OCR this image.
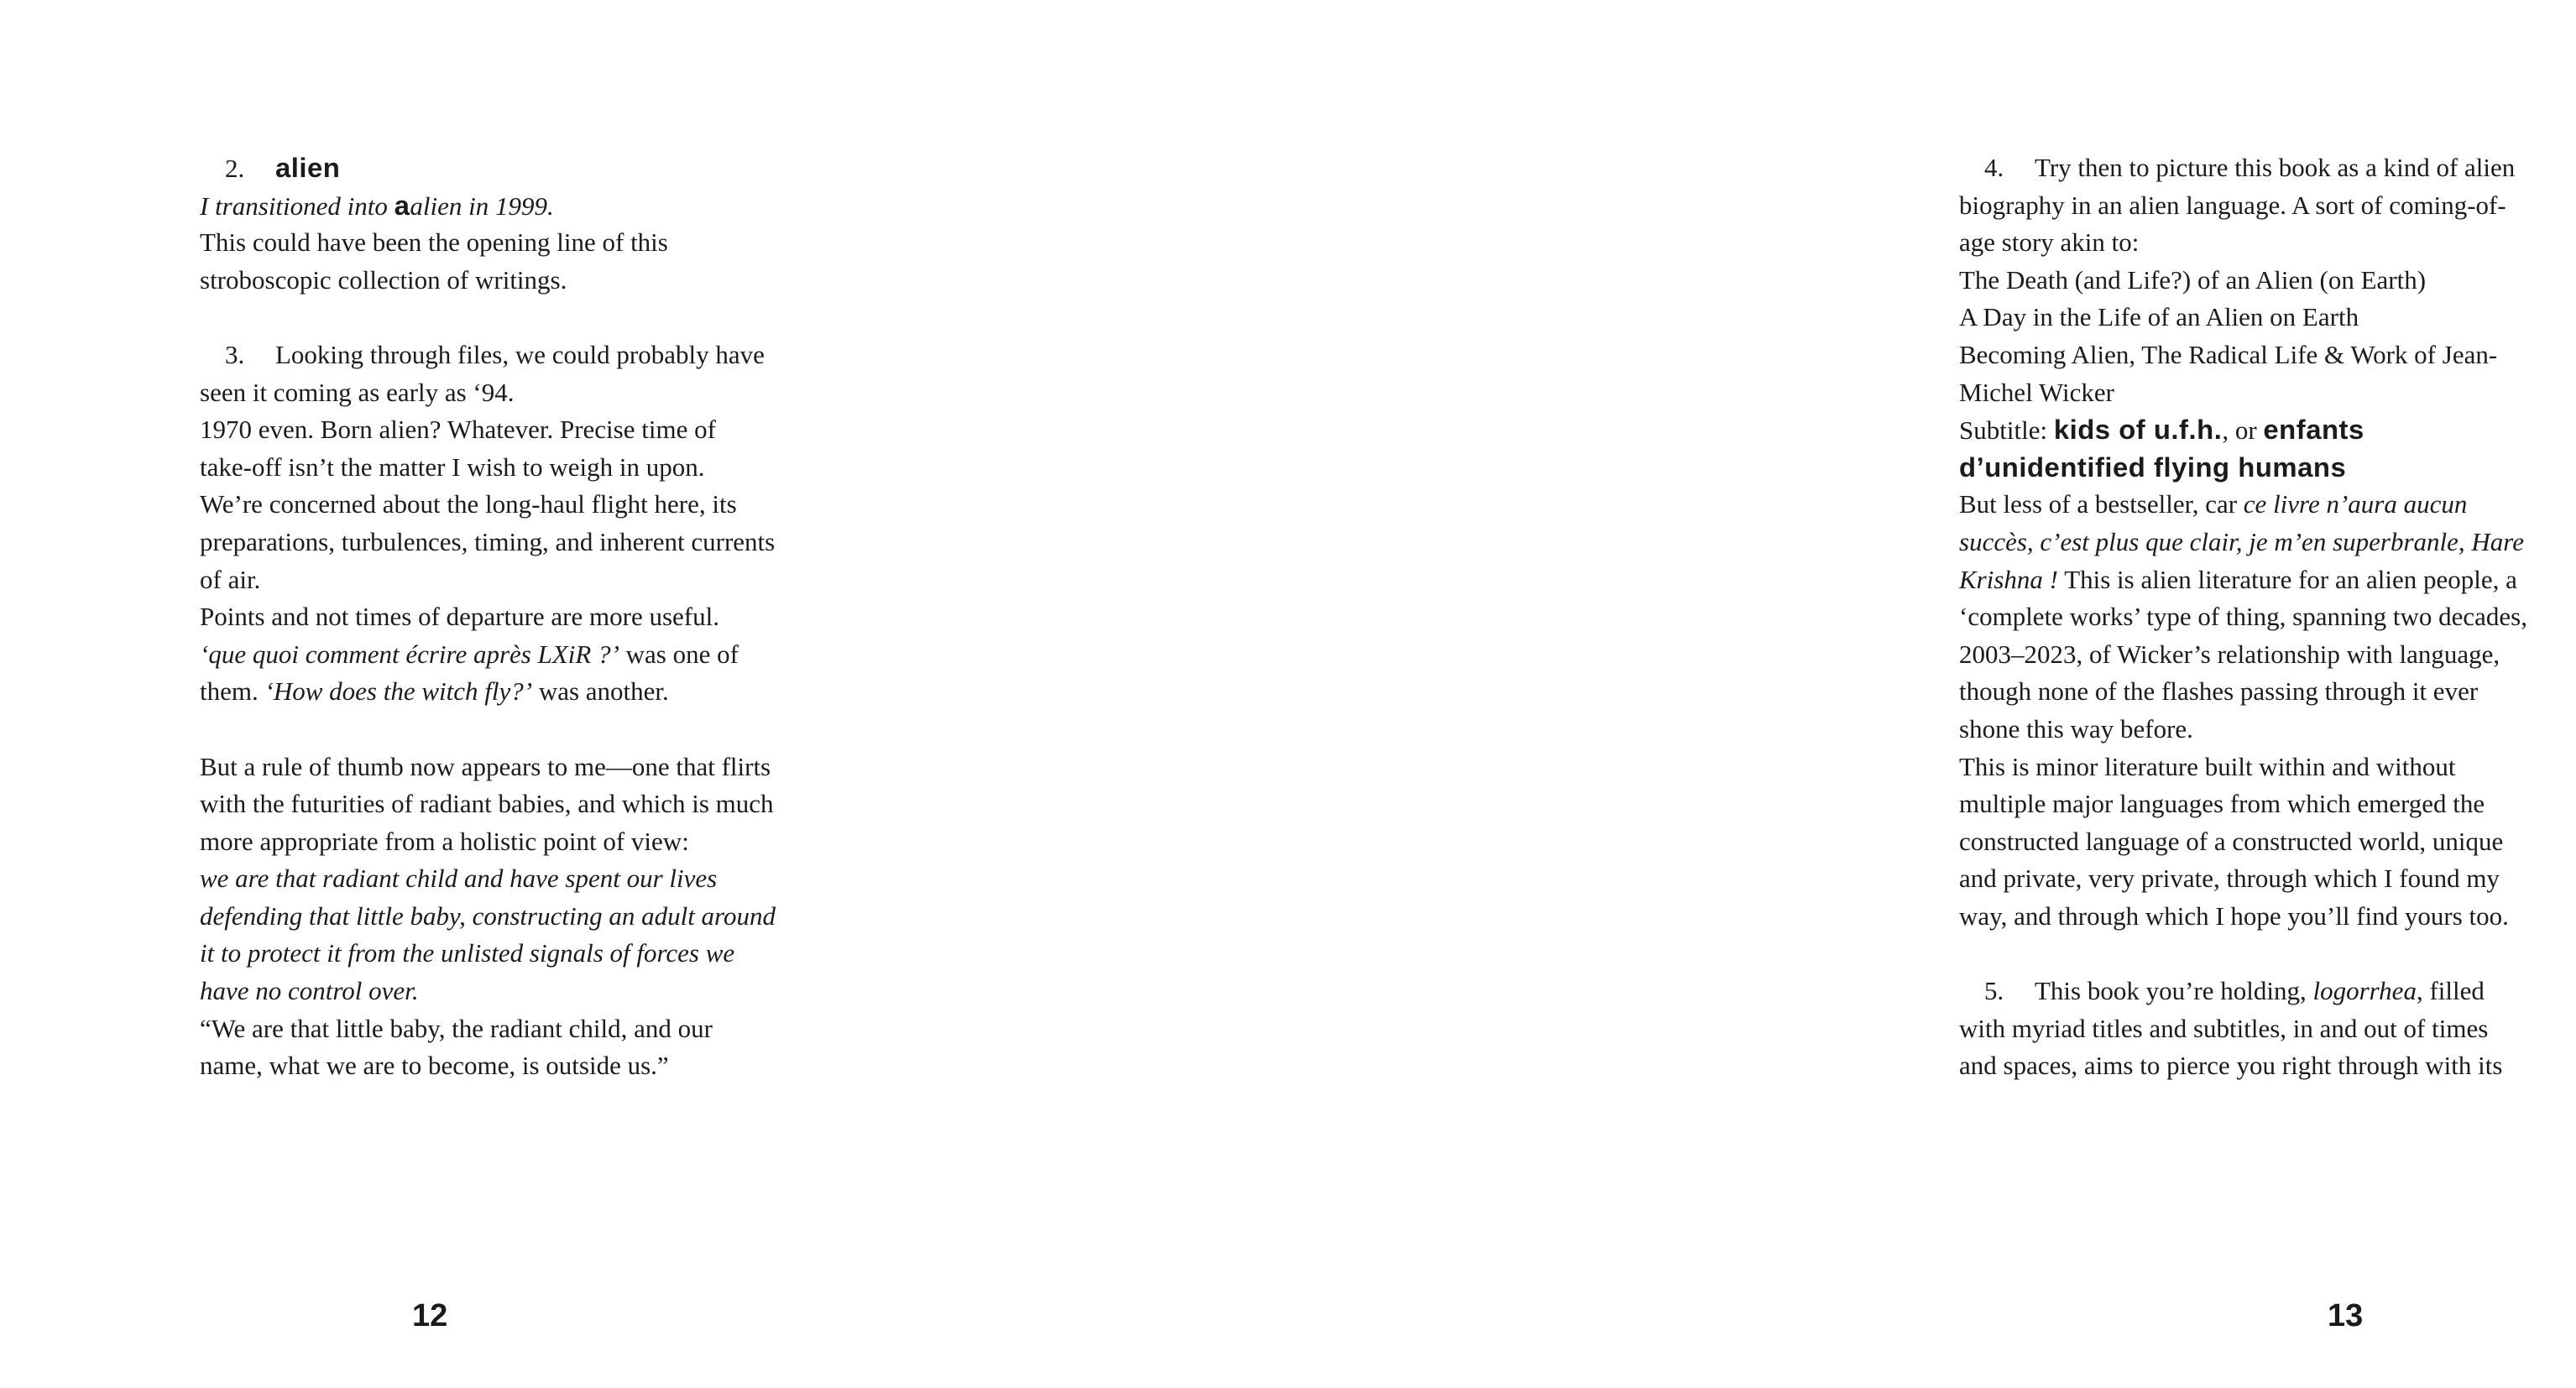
2. alien
I transitioned into aalien in 1999.
This could have been the opening line of this
stroboscopic collection of writings.

3. Looking through files, we could probably have
seen it coming as early as ‘94.
1970 even. Born alien? Whatever. Precise time of
take-off isn’t the matter I wish to weigh in upon.
We’re concerned about the long-haul flight here, its
preparations, turbulences, timing, and inherent currents
of air.
Points and not times of departure are more useful.
‘que quoi comment écrire après LXiR ?’ was one of
them. ‘How does the witch fly?’ was another.

But a rule of thumb now appears to me—one that flirts
with the futurities of radiant babies, and which is much
more appropriate from a holistic point of view:
we are that radiant child and have spent our lives
defending that little baby, constructing an adult around
it to protect it from the unlisted signals of forces we
have no control over.
“We are that little baby, the radiant child, and our
name, what we are to become, is outside us.”
12
4. Try then to picture this book as a kind of alien
biography in an alien language. A sort of coming-of-
age story akin to:
The Death (and Life?) of an Alien (on Earth)
A Day in the Life of an Alien on Earth
Becoming Alien, The Radical Life & Work of Jean-
Michel Wicker
Subtitle: kids of u.f.h., or enfants
d’unidentified flying humans
But less of a bestseller, car ce livre n’aura aucun
succès, c’est plus que clair, je m’en superbranle, Hare
Krishna ! This is alien literature for an alien people, a
‘complete works’ type of thing, spanning two decades,
2003–2023, of Wicker’s relationship with language,
though none of the flashes passing through it ever
shone this way before.
This is minor literature built within and without
multiple major languages from which emerged the
constructed language of a constructed world, unique
and private, very private, through which I found my
way, and through which I hope you’ll find yours too.

5. This book you’re holding, logorrhea, filled
with myriad titles and subtitles, in and out of times
and spaces, aims to pierce you right through with its
13
